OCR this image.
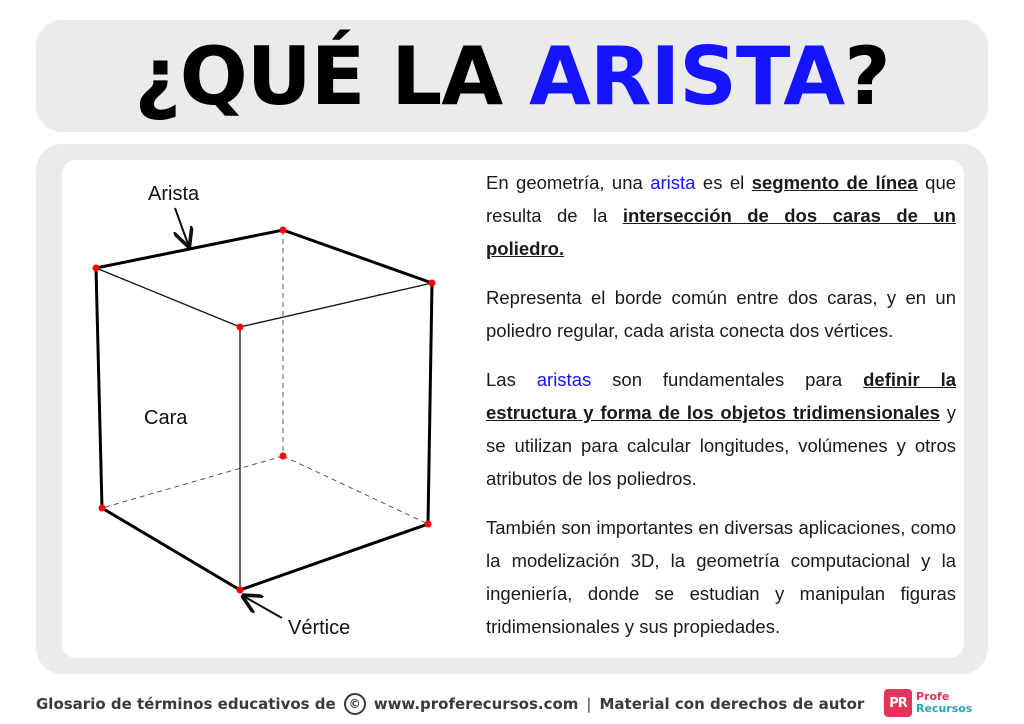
¿QUÉ LA ARISTA?
Arista
Cara
Vértice

En geometría, una arista es el segmento de línea que resulta de la intersección de dos caras de un poliedro.

Representa el borde común entre dos caras, y en un poliedro regular, cada arista conecta dos vértices.

Las aristas son fundamentales para definir la estructura y forma de los objetos tridimensionales y se utilizan para calcular longitudes, volúmenes y otros atributos de los poliedros.

También son importantes en diversas aplicaciones, como la modelización 3D, la geometría computacional y la ingeniería, donde se estudian y manipulan figuras tridimensionales y sus propiedades.

Glosario de términos educativos de	© www.proferecursos.com | Material con derechos de autor	PR Profe
Recursos
